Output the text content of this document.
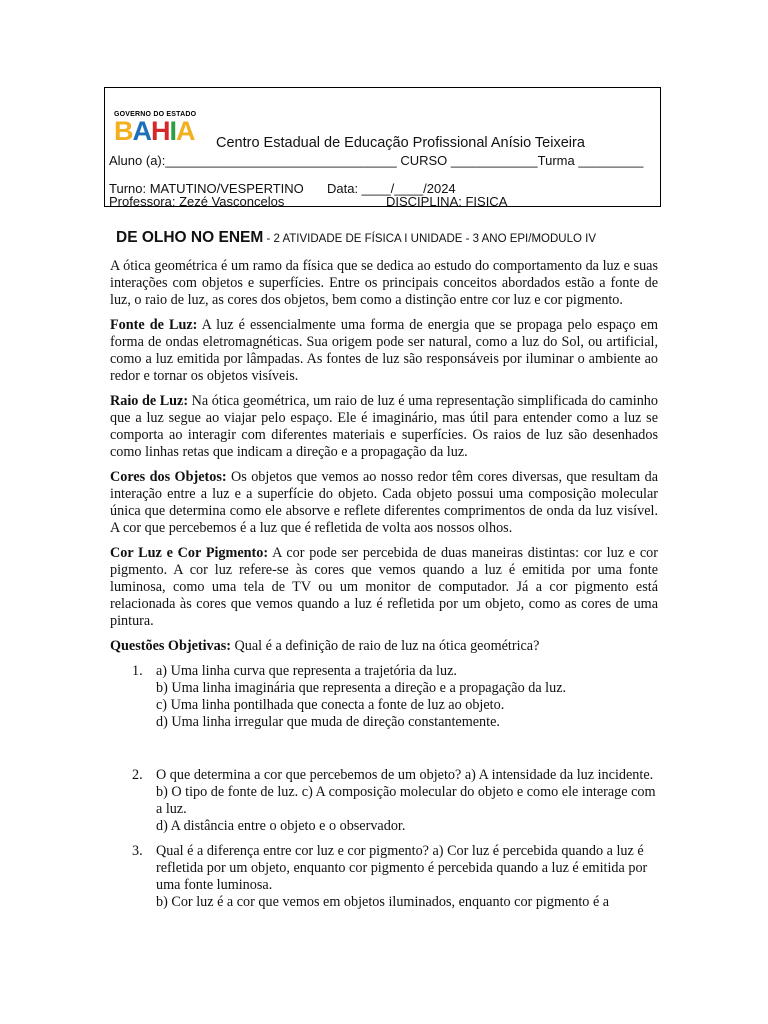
GOVERNO DO ESTADO
BAHIA Centro Estadual de Educação Profissional Anísio Teixeira
Aluno (a):________________________________ CURSO ____________Turma _________
Turno: MATUTINO/VESPERTINO Data: ____/____/2024
Professora: Zezé Vasconcelos	DISCIPLINA: FISICA
DE OLHO NO ENEM - 2 ATIVIDADE DE FÍSICA I UNIDADE - 3 ANO EPI/MODULO IV

A ótica geométrica é um ramo da física que se dedica ao estudo do comportamento da luz e suas interações com objetos e superfícies. Entre os principais conceitos abordados estão a fonte de luz, o raio de luz, as cores dos objetos, bem como a distinção entre cor luz e cor pigmento.

Fonte de Luz: A luz é essencialmente uma forma de energia que se propaga pelo espaço em forma de ondas eletromagnéticas. Sua origem pode ser natural, como a luz do Sol, ou artificial, como a luz emitida por lâmpadas. As fontes de luz são responsáveis por iluminar o ambiente ao redor e tornar os objetos visíveis.

Raio de Luz: Na ótica geométrica, um raio de luz é uma representação simplificada do caminho que a luz segue ao viajar pelo espaço. Ele é imaginário, mas útil para entender como a luz se comporta ao interagir com diferentes materiais e superfícies. Os raios de luz são desenhados como linhas retas que indicam a direção e a propagação da luz.

Cores dos Objetos: Os objetos que vemos ao nosso redor têm cores diversas, que resultam da interação entre a luz e a superfície do objeto. Cada objeto possui uma composição molecular única que determina como ele absorve e reflete diferentes comprimentos de onda da luz visível. A cor que percebemos é a luz que é refletida de volta aos nossos olhos.

Cor Luz e Cor Pigmento: A cor pode ser percebida de duas maneiras distintas: cor luz e cor pigmento. A cor luz refere-se às cores que vemos quando a luz é emitida por uma fonte luminosa, como uma tela de TV ou um monitor de computador. Já a cor pigmento está relacionada às cores que vemos quando a luz é refletida por um objeto, como as cores de uma pintura.

Questões Objetivas: Qual é a definição de raio de luz na ótica geométrica?

1. a) Uma linha curva que representa a trajetória da luz.
b) Uma linha imaginária que representa a direção e a propagação da luz.
c) Uma linha pontilhada que conecta a fonte de luz ao objeto.
d) Uma linha irregular que muda de direção constantemente.
2. O que determina a cor que percebemos de um objeto? a) A intensidade da luz incidente.
b) O tipo de fonte de luz. c) A composição molecular do objeto e como ele interage com a luz.
d) A distância entre o objeto e o observador.
3. Qual é a diferença entre cor luz e cor pigmento? a) Cor luz é percebida quando a luz é refletida por um objeto, enquanto cor pigmento é percebida quando a luz é emitida por uma fonte luminosa.
b) Cor luz é a cor que vemos em objetos iluminados, enquanto cor pigmento é a
